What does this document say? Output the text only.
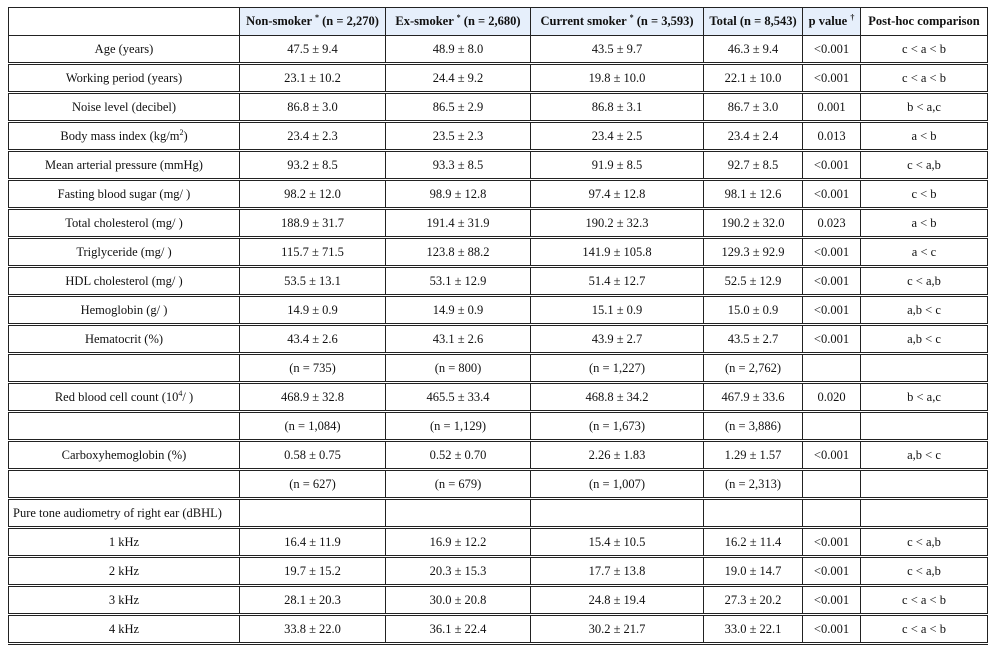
	Non-smoker * (n = 2,270)	Ex-smoker * (n = 2,680)	Current smoker * (n = 3,593)	Total (n = 8,543)	p value †	Post-hoc comparison
Age (years)	47.5 ± 9.4	48.9 ± 8.0	43.5 ± 9.7	46.3 ± 9.4	<0.001	c < a < b
Working period (years)	23.1 ± 10.2	24.4 ± 9.2	19.8 ± 10.0	22.1 ± 10.0	<0.001	c < a < b
Noise level (decibel)	86.8 ± 3.0	86.5 ± 2.9	86.8 ± 3.1	86.7 ± 3.0	0.001	b < a,c
Body mass index $(kg/m^2)$	23.4 ± 2.3	23.5 ± 2.3	23.4 ± 2.5	23.4 ± 2.4	0.013	a < b
Mean arterial pressure (mmHg)	93.2 ± 8.5	93.3 ± 8.5	91.9 ± 8.5	92.7 ± 8.5	<0.001	c < a,b
Fasting blood sugar (mg/ )	98.2 ± 12.0	98.9 ± 12.8	97.4 ± 12.8	98.1 ± 12.6	<0.001	c < b
Total cholesterol (mg/ )	188.9 ± 31.7	191.4 ± 31.9	190.2 ± 32.3	190.2 ± 32.0	0.023	a < b
Triglyceride (mg/ )	115.7 ± 71.5	123.8 ± 88.2	141.9 ± 105.8	129.3 ± 92.9	<0.001	a < c
HDL cholesterol (mg/ )	53.5 ± 13.1	53.1 ± 12.9	51.4 ± 12.7	52.5 ± 12.9	<0.001	c < a,b
Hemoglobin (g/ )	14.9 ± 0.9	14.9 ± 0.9	15.1 ± 0.9	15.0 ± 0.9	<0.001	a,b < c
Hematocrit (%)	43.4 ± 2.6	43.1 ± 2.6	43.9 ± 2.7	43.5 ± 2.7	<0.001	a,b < c
	(n = 735)	(n = 800)	(n = 1,227)	(n = 2,762)		
Red blood cell count ($10^4/$ )	468.9 ± 32.8	465.5 ± 33.4	468.8 ± 34.2	467.9 ± 33.6	0.020	b < a,c
	(n = 1,084)	(n = 1,129)	(n = 1,673)	(n = 3,886)		
Carboxyhemoglobin (%)	0.58 ± 0.75	0.52 ± 0.70	2.26 ± 1.83	1.29 ± 1.57	<0.001	a,b < c
	(n = 627)	(n = 679)	(n = 1,007)	(n = 2,313)		
Pure tone audiometry of right ear (dBHL)						
1 kHz	16.4 ± 11.9	16.9 ± 12.2	15.4 ± 10.5	16.2 ± 11.4	<0.001	c < a,b
2 kHz	19.7 ± 15.2	20.3 ± 15.3	17.7 ± 13.8	19.0 ± 14.7	<0.001	c < a,b
3 kHz	28.1 ± 20.3	30.0 ± 20.8	24.8 ± 19.4	27.3 ± 20.2	<0.001	c < a < b
4 kHz	33.8 ± 22.0	36.1 ± 22.4	30.2 ± 21.7	33.0 ± 22.1	<0.001	c < a < b
